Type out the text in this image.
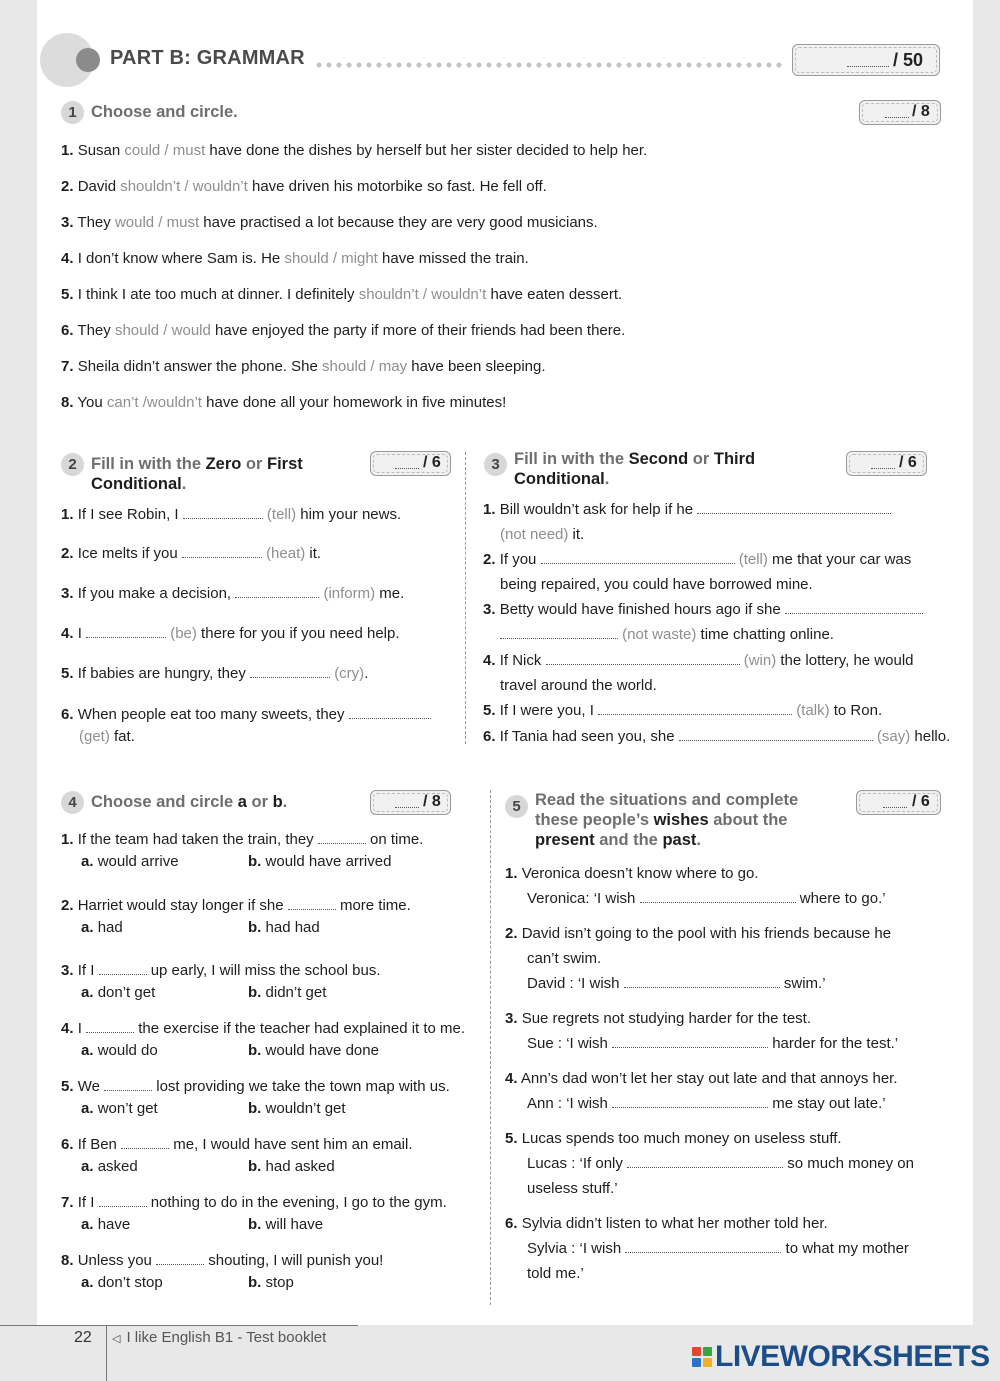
PART B: GRAMMAR	/ 50
1 Choose and circle.	/ 8
1. Susan could / must have done the dishes by herself but her sister decided to help her.
2. David shouldn’t / wouldn’t have driven his motorbike so fast. He fell off.
3. They would / must have practised a lot because they are very good musicians.
4. I don’t know where Sam is. He should / might have missed the train.
5. I think I ate too much at dinner. I definitely shouldn’t / wouldn’t have eaten dessert.
6. They should / would have enjoyed the party if more of their friends had been there.
7. Sheila didn’t answer the phone. She should / may have been sleeping.
8. You can’t /wouldn’t have done all your homework in five minutes!
2 Fill in with the Zero or First
Conditional.
/ 6
1. If I see Robin, I	(tell) him your news.
2. Ice melts if you	(heat) it.
3. If you make a decision,	(inform) me.
4. I	(be) there for you if you need help.
5. If babies are hungry, they	(cry).
6. When people eat too many sweets, they
(get) fat.
3 Fill in with the Second or Third
Conditional.
/ 6
1. Bill wouldn’t ask for help if he
(not need) it.
2. If you	(tell) me that your car was
being repaired, you could have borrowed mine.
3. Betty would have finished hours ago if she
(not waste) time chatting online.
4. If Nick	(win) the lottery, he would
travel around the world.
5. If I were you, I	(talk) to Ron.
6. If Tania had seen you, she	(say) hello.
4 Choose and circle a or b.	/ 8
1. If the team had taken the train, they	on time.
a. would arrive	b. would have arrived
2. Harriet would stay longer if she	more time.
a. had	b. had had
3. If I	up early, I will miss the school bus.
a. don’t get	b. didn’t get
4. I	the exercise if the teacher had explained it to me.
a. would do	b. would have done
5. We	lost providing we take the town map with us.
a. won’t get	b. wouldn’t get
6. If Ben	me, I would have sent him an email.
a. asked	b. had asked
7. If I	nothing to do in the evening, I go to the gym.
a. have	b. will have
8. Unless you	shouting, I will punish you!
a. don’t stop	b. stop
5 Read the situations and complete
these people’s wishes about the
present and the past.
/ 6
1. Veronica doesn’t know where to go.
Veronica: ‘I wish	where to go.’
2. David isn’t going to the pool with his friends because he
can’t swim.
David : ‘I wish	swim.’
3. Sue regrets not studying harder for the test.
Sue : ‘I wish	harder for the test.’
4. Ann’s dad won’t let her stay out late and that annoys her.
Ann : ‘I wish	me stay out late.’
5. Lucas spends too much money on useless stuff.
Lucas : ‘If only	so much money on
useless stuff.’
6. Sylvia didn’t listen to what her mother told her.
Sylvia : ‘I wish	to what my mother
told me.’
22 ◁ I like English B1 - Test booklet
LIVEWORKSHEETS
